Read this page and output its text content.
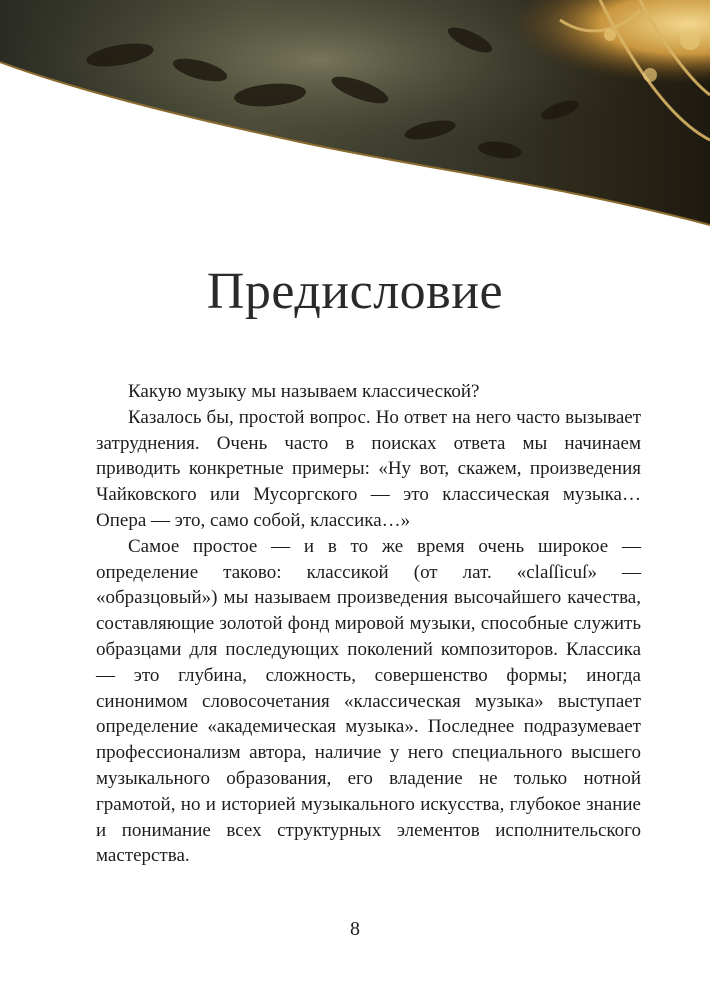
Предисловие

Какую музыку мы называем классической?

Казалось бы, простой вопрос. Но ответ на него часто вызывает затруднения. Очень часто в поисках ответа мы начинаем приводить конкретные примеры: «Ну вот, скажем, произведения Чайковского или Мусоргского — это классическая музыка… Опера — это, само собой, классика…»

Самое простое — и в то же время очень широкое — определение таково: классикой (от лат. «claſſicuſ» — «образцовый») мы называем произведения высочайшего качества, составляющие золотой фонд мировой музыки, способные служить образцами для последующих поколений композиторов. Классика — это глубина, сложность, совершенство формы; иногда синонимом словосочетания «классическая музыка» выступает определение «академическая музыка». Последнее подразумевает профессионализм автора, наличие у него специального высшего музыкального образования, его владение не только нотной грамотой, но и историей музыкального искусства, глубокое знание и понимание всех структурных элементов исполнительского мастерства.

8
